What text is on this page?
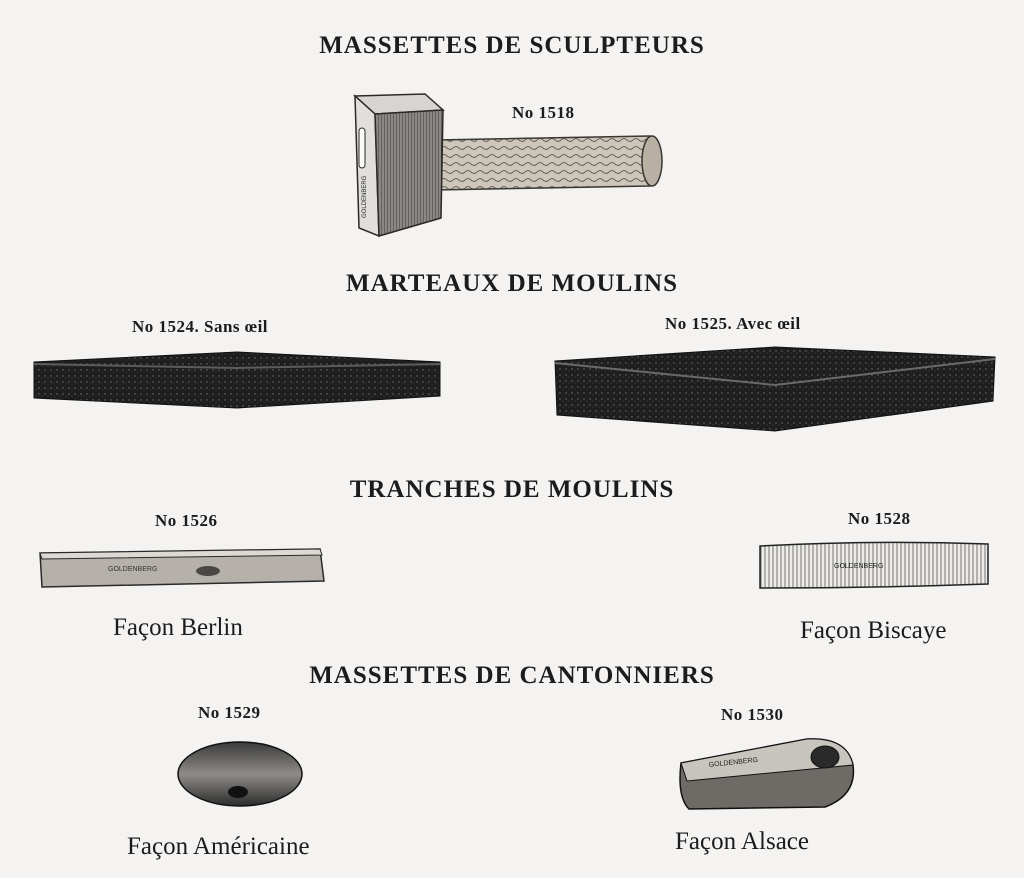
MASSETTES DE SCULPTEURS
GOLDENBERG
No 1518
MARTEAUX DE MOULINS
No 1524. Sans œil	No 1525. Avec œil
TRANCHES DE MOULINS
No 1526	No 1528
GOLDENBERG	GOLDENBERG
Façon Berlin	Façon Biscaye
MASSETTES DE CANTONNIERS
No 1529	No 1530
GOLDENBERG
Façon Américaine	Façon Alsace
